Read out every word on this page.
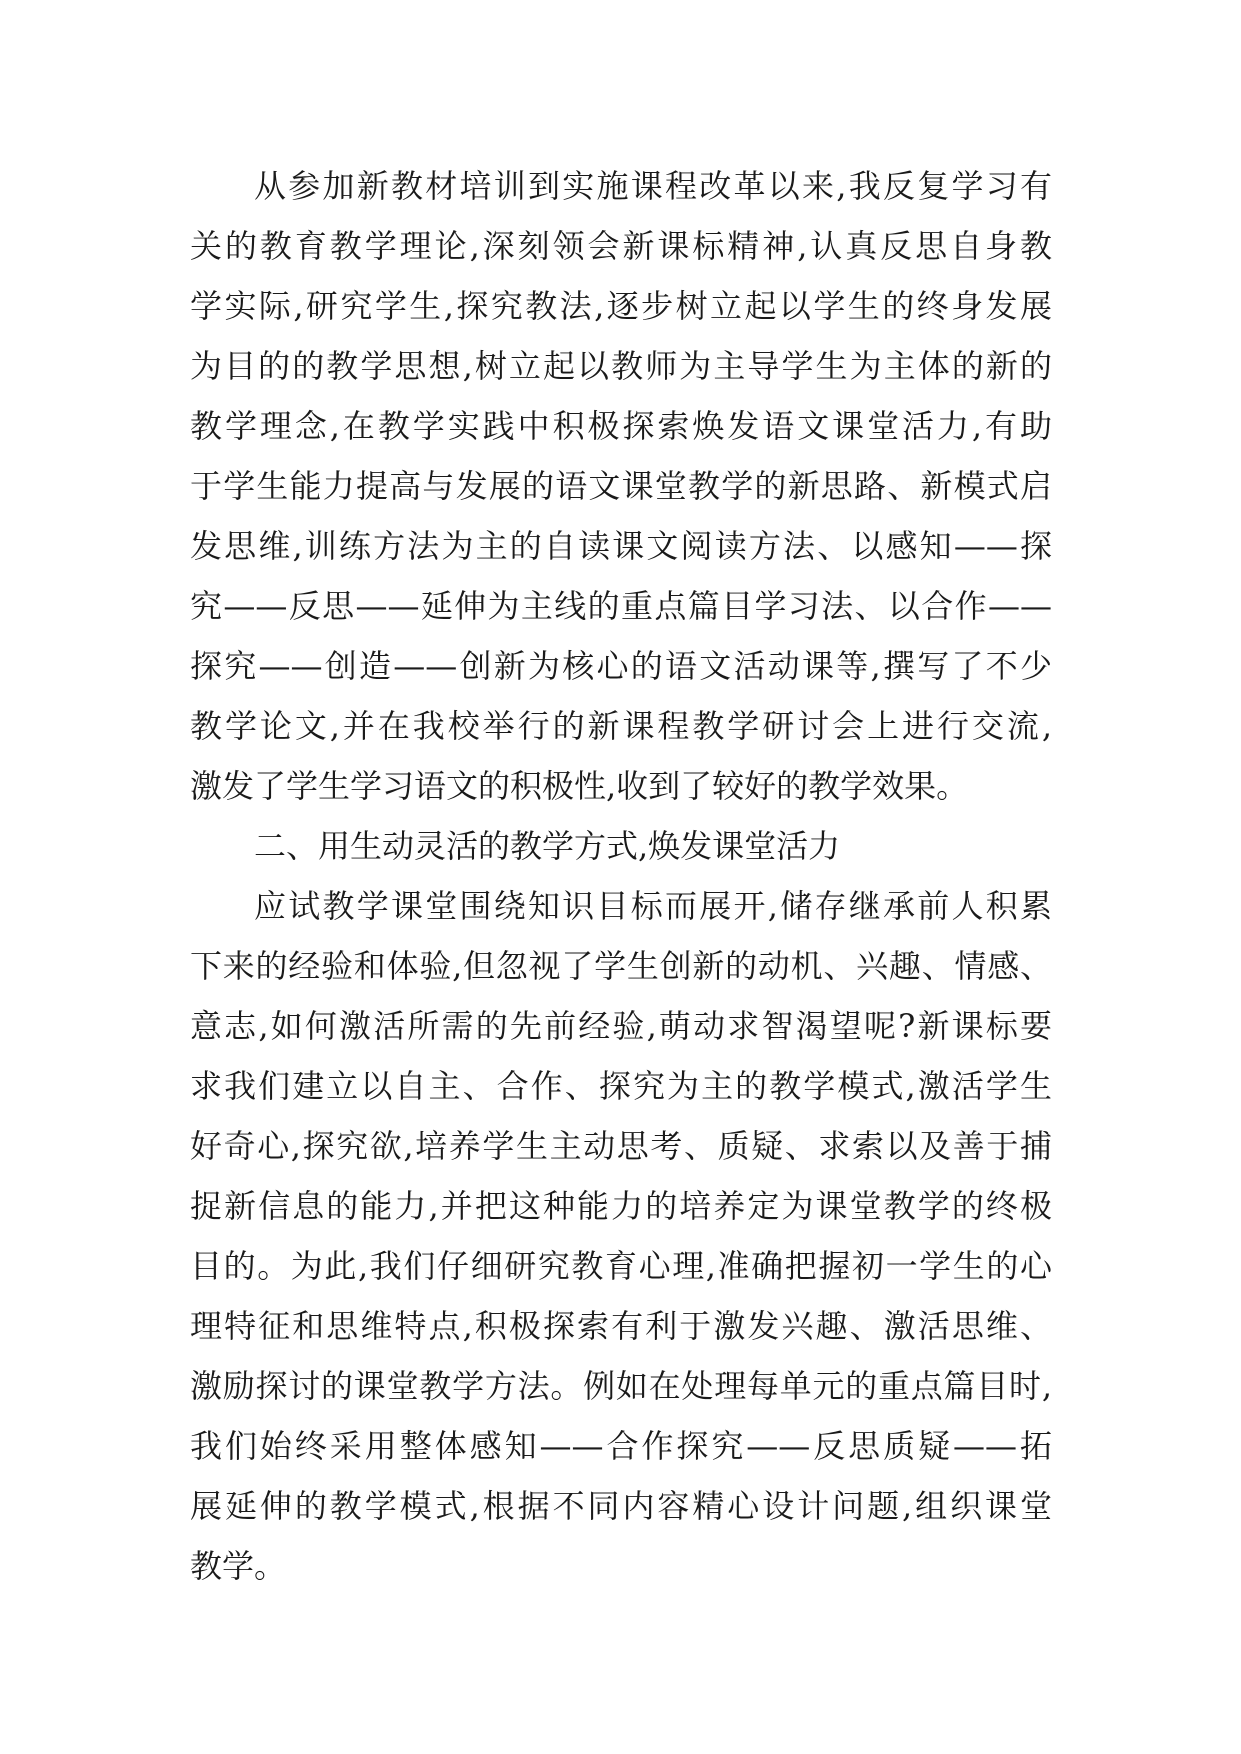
从参加新教材培训到实施课程改革以来,我反复学习有
关的教育教学理论,深刻领会新课标精神,认真反思自身教
学实际,研究学生,探究教法,逐步树立起以学生的终身发展
为目的的教学思想,树立起以教师为主导学生为主体的新的
教学理念,在教学实践中积极探索焕发语文课堂活力,有助
于学生能力提高与发展的语文课堂教学的新思路、新模式启
发思维,训练方法为主的自读课文阅读方法、以感知——探
究——反思——延伸为主线的重点篇目学习法、以合作——
探究——创造——创新为核心的语文活动课等,撰写了不少
教学论文,并在我校举行的新课程教学研讨会上进行交流,
激发了学生学习语文的积极性,收到了较好的教学效果。
二、用生动灵活的教学方式,焕发课堂活力
应试教学课堂围绕知识目标而展开,储存继承前人积累
下来的经验和体验,但忽视了学生创新的动机、兴趣、情感、
意志,如何激活所需的先前经验,萌动求智渴望呢?新课标要
求我们建立以自主、合作、探究为主的教学模式,激活学生
好奇心,探究欲,培养学生主动思考、质疑、求索以及善于捕
捉新信息的能力,并把这种能力的培养定为课堂教学的终极
目的。为此,我们仔细研究教育心理,准确把握初一学生的心
理特征和思维特点,积极探索有利于激发兴趣、激活思维、
激励探讨的课堂教学方法。例如在处理每单元的重点篇目时,
我们始终采用整体感知——合作探究——反思质疑——拓
展延伸的教学模式,根据不同内容精心设计问题,组织课堂
教学。
